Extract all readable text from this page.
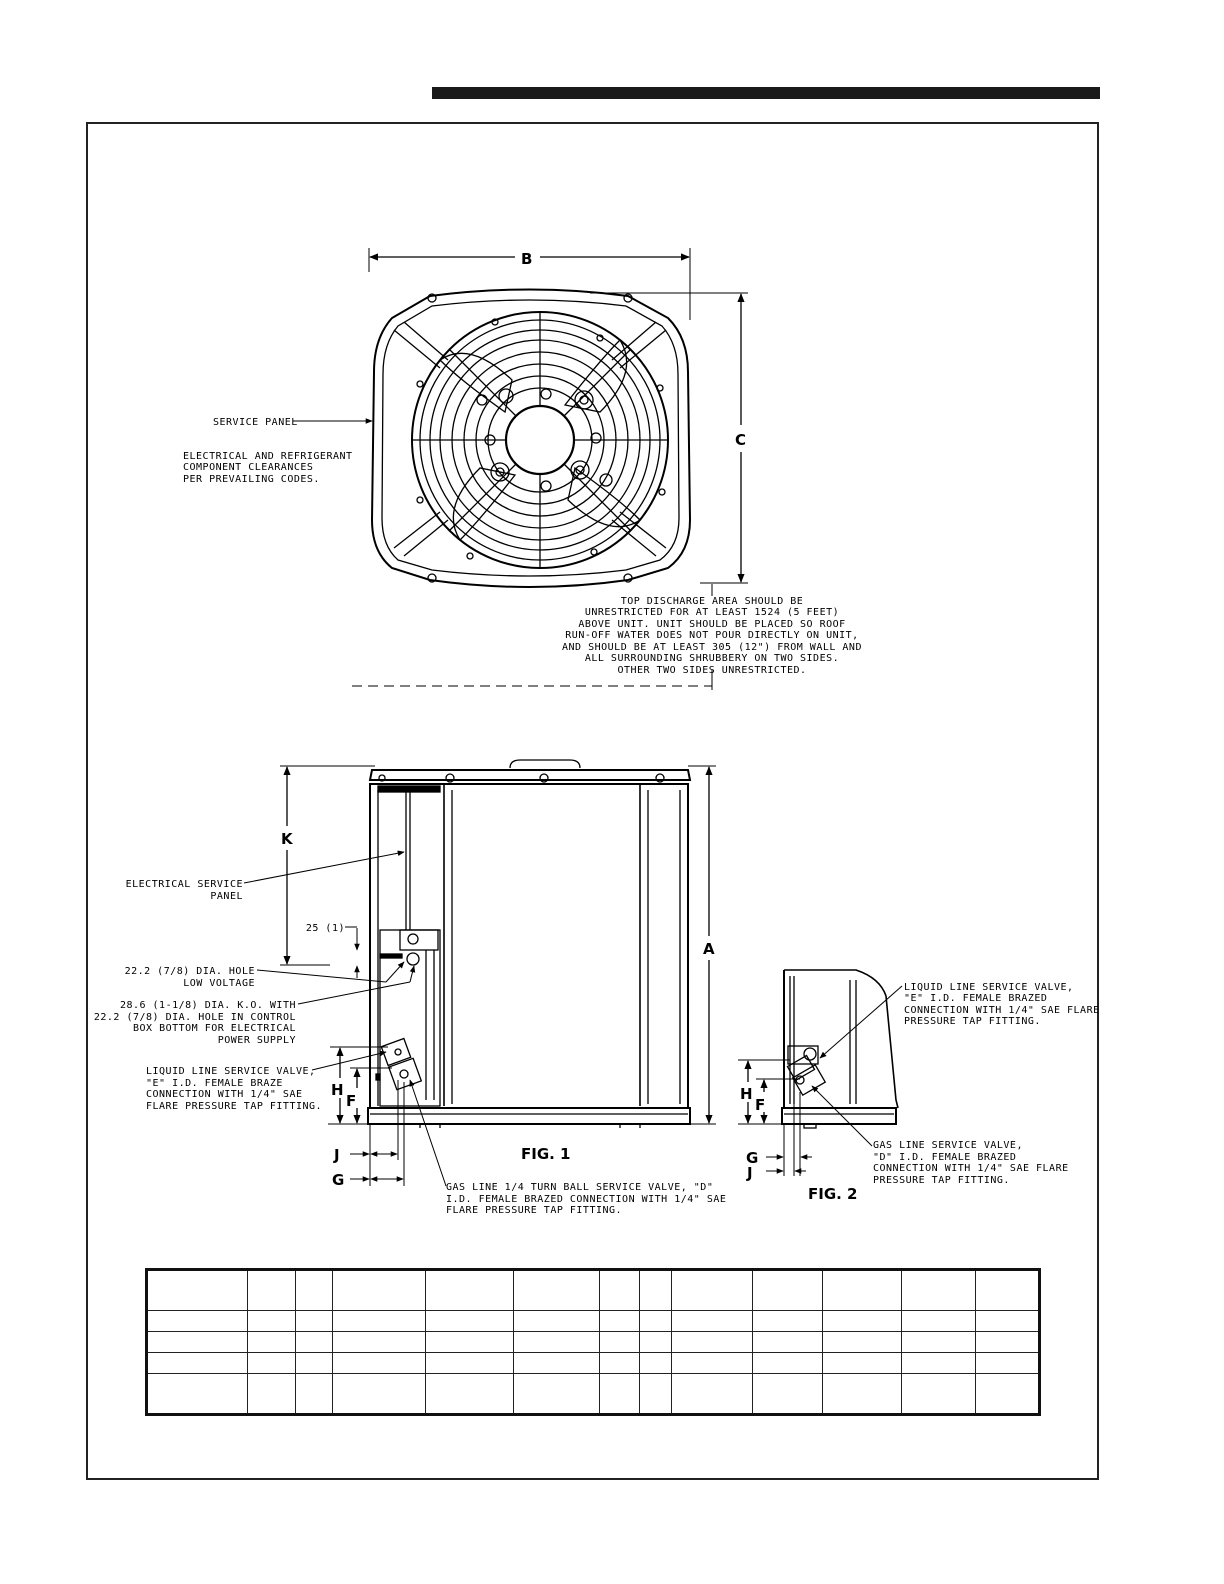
B
C
SERVICE PANEL
ELECTRICAL AND REFRIGERANT
COMPONENT CLEARANCES
PER PREVAILING CODES.
TOP DISCHARGE AREA SHOULD BE
UNRESTRICTED FOR AT LEAST 1524 (5 FEET)
ABOVE UNIT. UNIT SHOULD BE PLACED SO ROOF
RUN-OFF WATER DOES NOT POUR DIRECTLY ON UNIT,
AND SHOULD BE AT LEAST 305 (12") FROM WALL AND
ALL SURROUNDING SHRUBBERY ON TWO SIDES.
OTHER TWO SIDES UNRESTRICTED.
K
A
H
F
J
G
FIG. 1
ELECTRICAL SERVICE
PANEL
25 (1)
22.2 (7/8) DIA. HOLE
LOW VOLTAGE
28.6 (1-1/8) DIA. K.O. WITH
22.2 (7/8) DIA. HOLE IN CONTROL
BOX BOTTOM FOR ELECTRICAL
POWER SUPPLY
LIQUID LINE SERVICE VALVE,
"E" I.D. FEMALE BRAZE
CONNECTION WITH 1/4" SAE
FLARE PRESSURE TAP FITTING.
GAS LINE 1/4 TURN BALL SERVICE VALVE, "D"
I.D. FEMALE BRAZED CONNECTION WITH 1/4" SAE
FLARE PRESSURE TAP FITTING.
H
F
G
J
FIG. 2
LIQUID LINE SERVICE VALVE,
"E" I.D. FEMALE BRAZED
CONNECTION WITH 1/4" SAE FLARE
PRESSURE TAP FITTING.
GAS LINE SERVICE VALVE,
"D" I.D. FEMALE BRAZED
CONNECTION WITH 1/4" SAE FLARE
PRESSURE TAP FITTING.
